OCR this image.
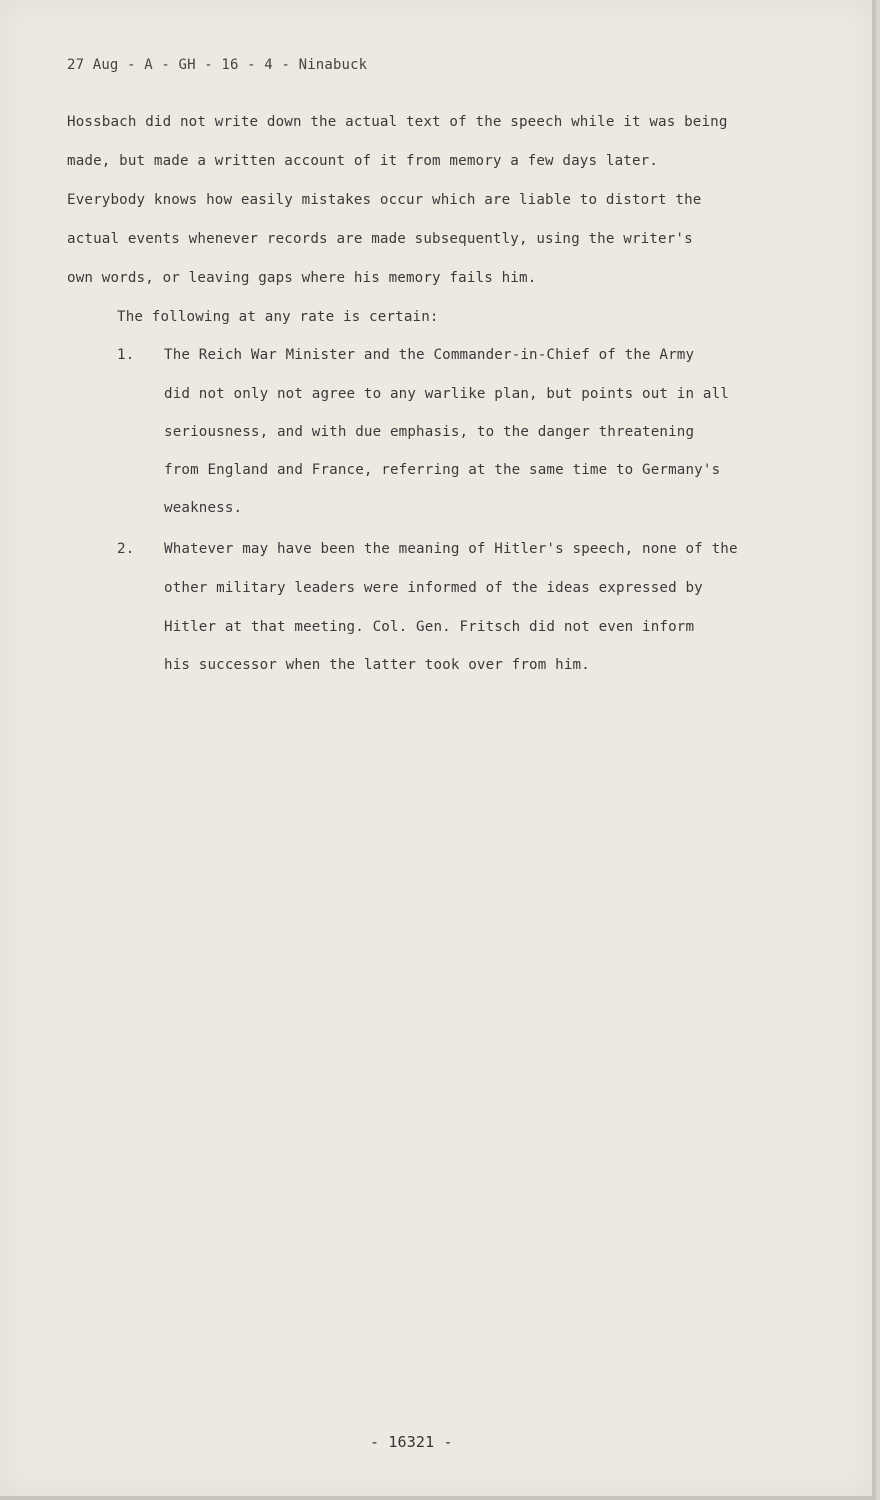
27 Aug - A - GH - 16 - 4 - Ninabuck
Hossbach did not write down the actual text of the speech while it was being
made, but made a written account of it from memory a few days later.
Everybody knows how easily mistakes occur which are liable to distort the
actual events whenever records are made subsequently, using the writer's
own words, or leaving gaps where his memory fails him.
The following at any rate is certain:
1. The Reich War Minister and the Commander-in-Chief of the Army
did not only not agree to any warlike plan, but points out in all
seriousness, and with due emphasis, to the danger threatening
from England and France, referring at the same time to Germany's
weakness.
2. Whatever may have been the meaning of Hitler's speech, none of the
other military leaders were informed of the ideas expressed by
Hitler at that meeting. Col. Gen. Fritsch did not even inform
his successor when the latter took over from him.
- 16321 -
